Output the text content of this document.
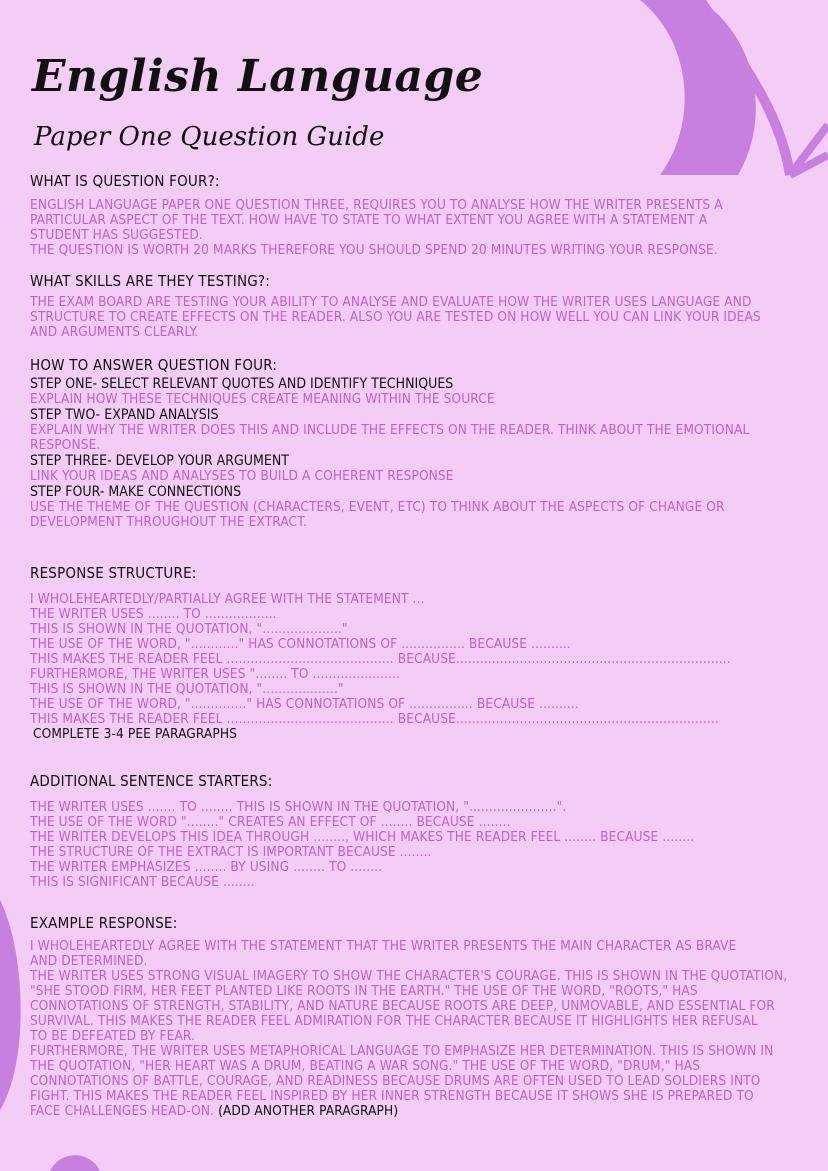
English Language
Paper One Question Guide
WHAT IS QUESTION FOUR?:
ENGLISH LANGUAGE PAPER ONE QUESTION THREE, REQUIRES YOU TO ANALYSE HOW THE WRITER PRESENTS A
PARTICULAR ASPECT OF THE TEXT. HOW HAVE TO STATE TO WHAT EXTENT YOU AGREE WITH A STATEMENT A
STUDENT HAS SUGGESTED.
THE QUESTION IS WORTH 20 MARKS THEREFORE YOU SHOULD SPEND 20 MINUTES WRITING YOUR RESPONSE.
WHAT SKILLS ARE THEY TESTING?:
THE EXAM BOARD ARE TESTING YOUR ABILITY TO ANALYSE AND EVALUATE HOW THE WRITER USES LANGUAGE AND
STRUCTURE TO CREATE EFFECTS ON THE READER. ALSO YOU ARE TESTED ON HOW WELL YOU CAN LINK YOUR IDEAS
AND ARGUMENTS CLEARLY.
HOW TO ANSWER QUESTION FOUR:
STEP ONE- SELECT RELEVANT QUOTES AND IDENTIFY TECHNIQUES
EXPLAIN HOW THESE TECHNIQUES CREATE MEANING WITHIN THE SOURCE
STEP TWO- EXPAND ANALYSIS
EXPLAIN WHY THE WRITER DOES THIS AND INCLUDE THE EFFECTS ON THE READER. THINK ABOUT THE EMOTIONAL
RESPONSE.
STEP THREE- DEVELOP YOUR ARGUMENT
LINK YOUR IDEAS AND ANALYSES TO BUILD A COHERENT RESPONSE
STEP FOUR- MAKE CONNECTIONS
USE THE THEME OF THE QUESTION (CHARACTERS, EVENT, ETC) TO THINK ABOUT THE ASPECTS OF CHANGE OR
DEVELOPMENT THROUGHOUT THE EXTRACT.
RESPONSE STRUCTURE:
I WHOLEHEARTEDLY/PARTIALLY AGREE WITH THE STATEMENT ...
THE WRITER USES ........ TO ..................
THIS IS SHOWN IN THE QUOTATION, "...................."
THE USE OF THE WORD, "............" HAS CONNOTATIONS OF ................ BECAUSE ..........
THIS MAKES THE READER FEEL .......................................... BECAUSE.....................................................................
FURTHERMORE, THE WRITER USES "........ TO ......................
THIS IS SHOWN IN THE QUOTATION, "..................."
THE USE OF THE WORD, ".............." HAS CONNOTATIONS OF ................ BECAUSE ..........
THIS MAKES THE READER FEEL .......................................... BECAUSE..................................................................
COMPLETE 3-4 PEE PARAGRAPHS
ADDITIONAL SENTENCE STARTERS:
THE WRITER USES ....... TO ........ THIS IS SHOWN IN THE QUOTATION, "......................".
THE USE OF THE WORD "........" CREATES AN EFFECT OF ........ BECAUSE ........
THE WRITER DEVELOPS THIS IDEA THROUGH ........, WHICH MAKES THE READER FEEL ........ BECAUSE ........
THE STRUCTURE OF THE EXTRACT IS IMPORTANT BECAUSE ........
THE WRITER EMPHASIZES ........ BY USING ........ TO ........
THIS IS SIGNIFICANT BECAUSE ........
EXAMPLE RESPONSE:
I WHOLEHEARTEDLY AGREE WITH THE STATEMENT THAT THE WRITER PRESENTS THE MAIN CHARACTER AS BRAVE
AND DETERMINED.
THE WRITER USES STRONG VISUAL IMAGERY TO SHOW THE CHARACTER'S COURAGE. THIS IS SHOWN IN THE QUOTATION,
"SHE STOOD FIRM, HER FEET PLANTED LIKE ROOTS IN THE EARTH." THE USE OF THE WORD, "ROOTS," HAS
CONNOTATIONS OF STRENGTH, STABILITY, AND NATURE BECAUSE ROOTS ARE DEEP, UNMOVABLE, AND ESSENTIAL FOR
SURVIVAL. THIS MAKES THE READER FEEL ADMIRATION FOR THE CHARACTER BECAUSE IT HIGHLIGHTS HER REFUSAL
TO BE DEFEATED BY FEAR.
FURTHERMORE, THE WRITER USES METAPHORICAL LANGUAGE TO EMPHASIZE HER DETERMINATION. THIS IS SHOWN IN
THE QUOTATION, "HER HEART WAS A DRUM, BEATING A WAR SONG." THE USE OF THE WORD, "DRUM," HAS
CONNOTATIONS OF BATTLE, COURAGE, AND READINESS BECAUSE DRUMS ARE OFTEN USED TO LEAD SOLDIERS INTO
FIGHT. THIS MAKES THE READER FEEL INSPIRED BY HER INNER STRENGTH BECAUSE IT SHOWS SHE IS PREPARED TO
FACE CHALLENGES HEAD-ON. (ADD ANOTHER PARAGRAPH)
